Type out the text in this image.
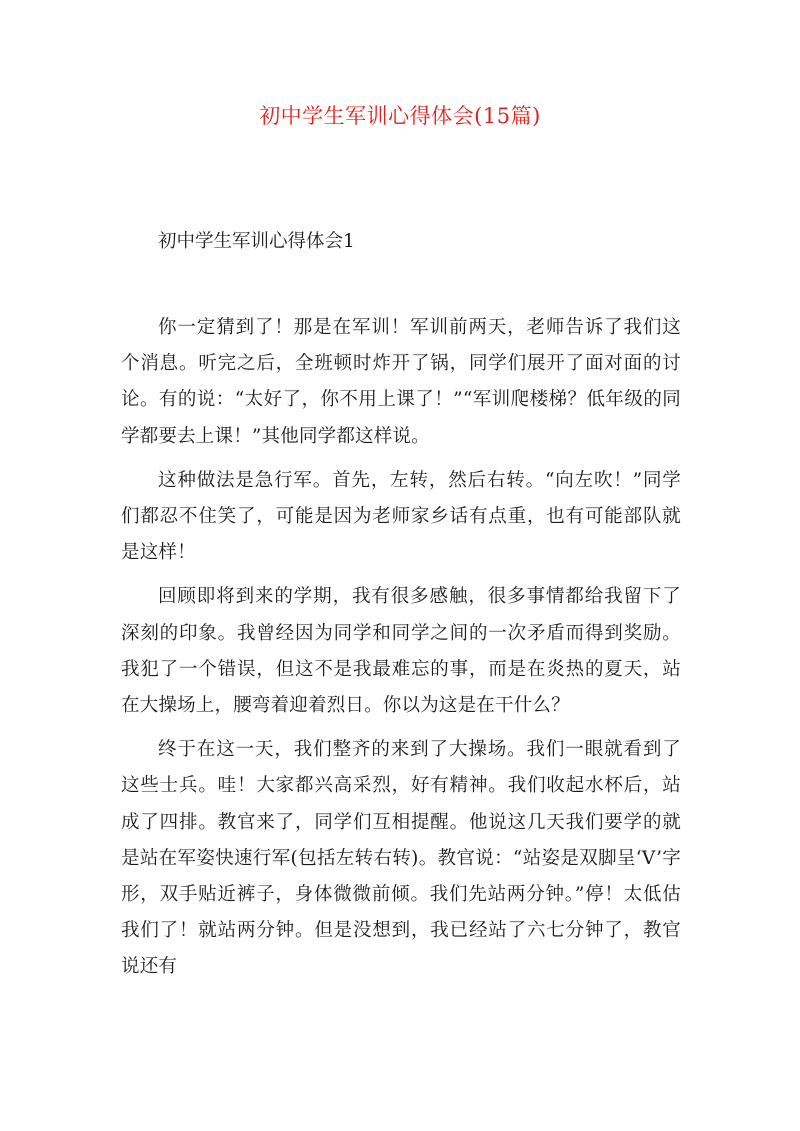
初中学生军训心得体会(15篇)
初中学生军训心得体会1

你一定猜到了！那是在军训！军训前两天，老师告诉了我们这个消息。听完之后，全班顿时炸开了锅，同学们展开了面对面的讨论。有的说：“太好了，你不用上课了！”“军训爬楼梯？低年级的同学都要去上课！”其他同学都这样说。

这种做法是急行军。首先，左转，然后右转。“向左吹！”同学们都忍不住笑了，可能是因为老师家乡话有点重，也有可能部队就是这样！

回顾即将到来的学期，我有很多感触，很多事情都给我留下了深刻的印象。我曾经因为同学和同学之间的一次矛盾而得到奖励。我犯了一个错误，但这不是我最难忘的事，而是在炎热的夏天，站在大操场上，腰弯着迎着烈日。你以为这是在干什么？

终于在这一天，我们整齐的来到了大操场。我们一眼就看到了这些士兵。哇！大家都兴高采烈，好有精神。我们收起水杯后，站成了四排。教官来了，同学们互相提醒。他说这几天我们要学的就是站在军姿快速行军(包括左转右转)。教官说：“站姿是双脚呈‘V’字形，双手贴近裤子，身体微微前倾。我们先站两分钟。”停！太低估我们了！就站两分钟。但是没想到，我已经站了六七分钟了，教官说还有
